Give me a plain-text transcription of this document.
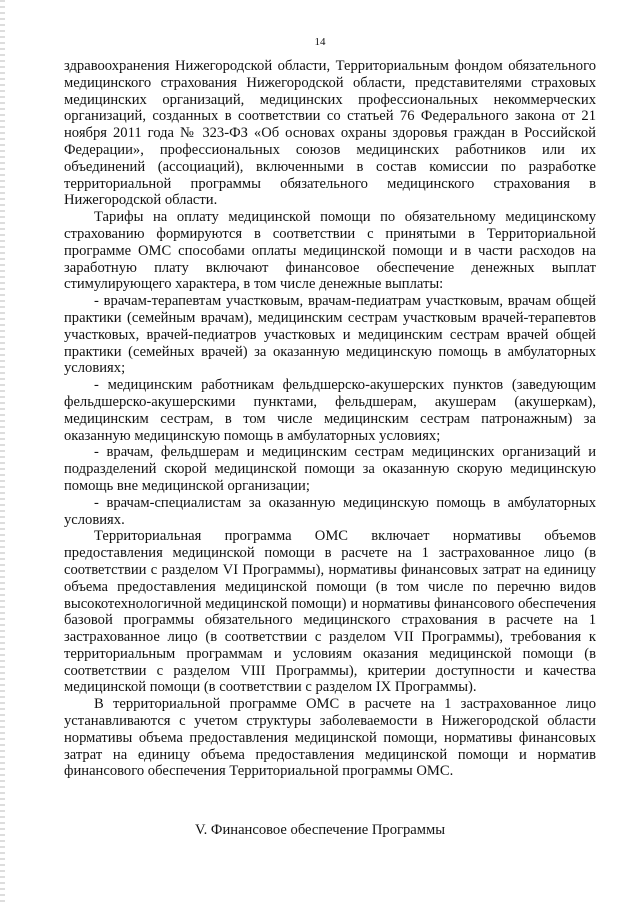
14

здравоохранения Нижегородской области, Территориальным фондом обязательного медицинского страхования Нижегородской области, представителями страховых медицинских организаций, медицинских профессиональных некоммерческих организаций, созданных в соответствии со статьей 76 Федерального закона от 21 ноября 2011 года № 323-ФЗ «Об основах охраны здоровья граждан в Российской Федерации», профессиональных союзов медицинских работников или их объединений (ассоциаций), включенными в состав комиссии по разработке территориальной программы обязательного медицинского страхования в Нижегородской области.

Тарифы на оплату медицинской помощи по обязательному медицинскому страхованию формируются в соответствии с принятыми в Территориальной программе ОМС способами оплаты медицинской помощи и в части расходов на заработную плату включают финансовое обеспечение денежных выплат стимулирующего характера, в том числе денежные выплаты:

- врачам-терапевтам участковым, врачам-педиатрам участковым, врачам общей практики (семейным врачам), медицинским сестрам участковым врачей-терапевтов участковых, врачей-педиатров участковых и медицинским сестрам врачей общей практики (семейных врачей) за оказанную медицинскую помощь в амбулаторных условиях;

- медицинским работникам фельдшерско-акушерских пунктов (заведующим фельдшерско-акушерскими пунктами, фельдшерам, акушерам (акушеркам), медицинским сестрам, в том числе медицинским сестрам патронажным) за оказанную медицинскую помощь в амбулаторных условиях;

- врачам, фельдшерам и медицинским сестрам медицинских организаций и подразделений скорой медицинской помощи за оказанную скорую медицинскую помощь вне медицинской организации;

- врачам-специалистам за оказанную медицинскую помощь в амбулаторных условиях.

Территориальная программа ОМС включает нормативы объемов предоставления медицинской помощи в расчете на 1 застрахованное лицо (в соответствии с разделом VI Программы), нормативы финансовых затрат на единицу объема предоставления медицинской помощи (в том числе по перечню видов высокотехнологичной медицинской помощи) и нормативы финансового обеспечения базовой программы обязательного медицинского страхования в расчете на 1 застрахованное лицо (в соответствии с разделом VII Программы), требования к территориальным программам и условиям оказания медицинской помощи (в соответствии с разделом VIII Программы), критерии доступности и качества медицинской помощи (в соответствии с разделом IX Программы).

В территориальной программе ОМС в расчете на 1 застрахованное лицо устанавливаются с учетом структуры заболеваемости в Нижегородской области нормативы объема предоставления медицинской помощи, нормативы финансовых затрат на единицу объема предоставления медицинской помощи и норматив финансового обеспечения Территориальной программы ОМС.

V. Финансовое обеспечение Программы
